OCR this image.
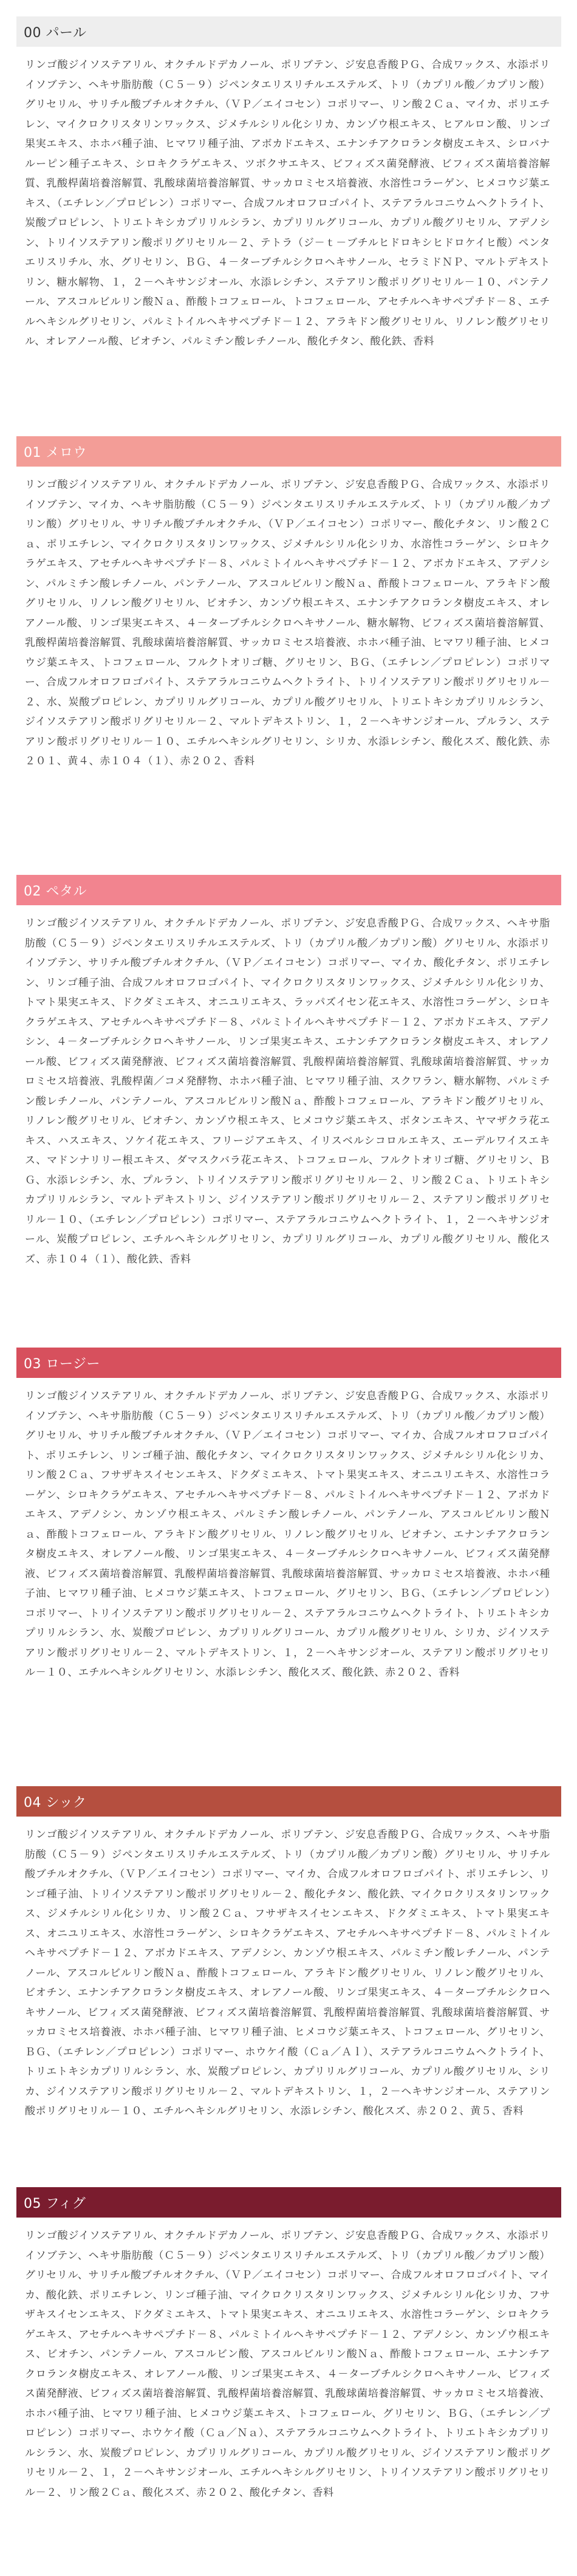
00 パール
リンゴ酸ジイソステアリル、オクチルドデカノール、ポリブテン、ジ安息香酸ＰＧ、合成ワックス、水添ポリイソブテン、ヘキサ脂肪酸（Ｃ５－９）ジペンタエリスリチルエステルズ、トリ（カプリル酸／カプリン酸）グリセリル、サリチル酸ブチルオクチル、（ＶＰ／エイコセン）コポリマー、リン酸２Ｃａ、マイカ、ポリエチレン、マイクロクリスタリンワックス、ジメチルシリル化シリカ、カンゾウ根エキス、ヒアルロン酸、リンゴ果実エキス、ホホバ種子油、ヒマワリ種子油、アボカドエキス、エナンチアクロランタ樹皮エキス、シロバナルーピン種子エキス、シロキクラゲエキス、ツボクサエキス、ビフィズス菌発酵液、ビフィズス菌培養溶解質、乳酸桿菌培養溶解質、乳酸球菌培養溶解質、サッカロミセス培養液、水溶性コラーゲン、ヒメコウジ葉エキス、（エチレン／プロピレン）コポリマー、合成フルオロフロゴパイト、ステアラルコニウムヘクトライト、炭酸プロピレン、トリエトキシカプリリルシラン、カプリリルグリコール、カプリル酸グリセリル、アデノシン、トリイソステアリン酸ポリグリセリル－２、テトラ（ジ－ｔ－ブチルヒドロキシヒドロケイヒ酸）ペンタエリスリチル、水、グリセリン、ＢＧ、４－ターブチルシクロヘキサノール、セラミドＮＰ、マルトデキストリン、糖水解物、１，２－ヘキサンジオール、水添レシチン、ステアリン酸ポリグリセリル－１０、パンテノール、アスコルビルリン酸Ｎａ、酢酸トコフェロール、トコフェロール、アセチルヘキサペプチド－８、エチルヘキシルグリセリン、パルミトイルヘキサペプチド－１２、アラキドン酸グリセリル、リノレン酸グリセリル、オレアノール酸、ビオチン、パルミチン酸レチノール、酸化チタン、酸化鉄、香料
01 メロウ
リンゴ酸ジイソステアリル、オクチルドデカノール、ポリブテン、ジ安息香酸ＰＧ、合成ワックス、水添ポリイソブテン、マイカ、ヘキサ脂肪酸（Ｃ５－９）ジペンタエリスリチルエステルズ、トリ（カプリル酸／カプリン酸）グリセリル、サリチル酸ブチルオクチル、（ＶＰ／エイコセン）コポリマー、酸化チタン、リン酸２Ｃａ、ポリエチレン、マイクロクリスタリンワックス、ジメチルシリル化シリカ、水溶性コラーゲン、シロキクラゲエキス、アセチルヘキサペプチド－８、パルミトイルヘキサペプチド－１２、アボカドエキス、アデノシン、パルミチン酸レチノール、パンテノール、アスコルビルリン酸Ｎａ、酢酸トコフェロール、アラキドン酸グリセリル、リノレン酸グリセリル、ビオチン、カンゾウ根エキス、エナンチアクロランタ樹皮エキス、オレアノール酸、リンゴ果実エキス、４－ターブチルシクロヘキサノール、糖水解物、ビフィズス菌培養溶解質、乳酸桿菌培養溶解質、乳酸球菌培養溶解質、サッカロミセス培養液、ホホバ種子油、ヒマワリ種子油、ヒメコウジ葉エキス、トコフェロール、フルクトオリゴ糖、グリセリン、ＢＧ、（エチレン／プロピレン）コポリマー、合成フルオロフロゴパイト、ステアラルコニウムヘクトライト、トリイソステアリン酸ポリグリセリル－２、水、炭酸プロピレン、カプリリルグリコール、カプリル酸グリセリル、トリエトキシカプリリルシラン、ジイソステアリン酸ポリグリセリル－２、マルトデキストリン、１，２－ヘキサンジオール、プルラン、ステアリン酸ポリグリセリル－１０、エチルヘキシルグリセリン、シリカ、水添レシチン、酸化スズ、酸化鉄、赤２０１、黄４、赤１０４（１）、赤２０２、香料
02 ペタル
リンゴ酸ジイソステアリル、オクチルドデカノール、ポリブテン、ジ安息香酸ＰＧ、合成ワックス、ヘキサ脂肪酸（Ｃ５－９）ジペンタエリスリチルエステルズ、トリ（カプリル酸／カプリン酸）グリセリル、水添ポリイソブテン、サリチル酸ブチルオクチル、（ＶＰ／エイコセン）コポリマー、マイカ、酸化チタン、ポリエチレン、リンゴ種子油、合成フルオロフロゴパイト、マイクロクリスタリンワックス、ジメチルシリル化シリカ、トマト果実エキス、ドクダミエキス、オニユリエキス、ラッパズイセン花エキス、水溶性コラーゲン、シロキクラゲエキス、アセチルヘキサペプチド－８、パルミトイルヘキサペプチド－１２、アボカドエキス、アデノシン、４－ターブチルシクロヘキサノール、リンゴ果実エキス、エナンチアクロランタ樹皮エキス、オレアノール酸、ビフィズス菌発酵液、ビフィズス菌培養溶解質、乳酸桿菌培養溶解質、乳酸球菌培養溶解質、サッカロミセス培養液、乳酸桿菌／コメ発酵物、ホホバ種子油、ヒマワリ種子油、スクワラン、糖水解物、パルミチン酸レチノール、パンテノール、アスコルビルリン酸Ｎａ、酢酸トコフェロール、アラキドン酸グリセリル、リノレン酸グリセリル、ビオチン、カンゾウ根エキス、ヒメコウジ葉エキス、ボタンエキス、ヤマザクラ花エキス、ハスエキス、ソケイ花エキス、フリージアエキス、イリスベルシコロルエキス、エーデルワイスエキス、マドンナリリー根エキス、ダマスクバラ花エキス、トコフェロール、フルクトオリゴ糖、グリセリン、ＢＧ、水添レシチン、水、プルラン、トリイソステアリン酸ポリグリセリル－２、リン酸２Ｃａ、トリエトキシカプリリルシラン、マルトデキストリン、ジイソステアリン酸ポリグリセリル－２、ステアリン酸ポリグリセリル－１０、（エチレン／プロピレン）コポリマー、ステアラルコニウムヘクトライト、１，２－ヘキサンジオール、炭酸プロピレン、エチルヘキシルグリセリン、カプリリルグリコール、カプリル酸グリセリル、酸化スズ、赤１０４（１）、酸化鉄、香料
03 ロージー
リンゴ酸ジイソステアリル、オクチルドデカノール、ポリブテン、ジ安息香酸ＰＧ、合成ワックス、水添ポリイソブテン、ヘキサ脂肪酸（Ｃ５－９）ジペンタエリスリチルエステルズ、トリ（カプリル酸／カプリン酸）グリセリル、サリチル酸ブチルオクチル、（ＶＰ／エイコセン）コポリマー、マイカ、合成フルオロフロゴパイト、ポリエチレン、リンゴ種子油、酸化チタン、マイクロクリスタリンワックス、ジメチルシリル化シリカ、リン酸２Ｃａ、フサザキスイセンエキス、ドクダミエキス、トマト果実エキス、オニユリエキス、水溶性コラーゲン、シロキクラゲエキス、アセチルヘキサペプチド－８、パルミトイルヘキサペプチド－１２、アボカドエキス、アデノシン、カンゾウ根エキス、パルミチン酸レチノール、パンテノール、アスコルビルリン酸Ｎａ、酢酸トコフェロール、アラキドン酸グリセリル、リノレン酸グリセリル、ビオチン、エナンチアクロランタ樹皮エキス、オレアノール酸、リンゴ果実エキス、４－ターブチルシクロヘキサノール、ビフィズス菌発酵液、ビフィズス菌培養溶解質、乳酸桿菌培養溶解質、乳酸球菌培養溶解質、サッカロミセス培養液、ホホバ種子油、ヒマワリ種子油、ヒメコウジ葉エキス、トコフェロール、グリセリン、ＢＧ、（エチレン／プロピレン）コポリマー、トリイソステアリン酸ポリグリセリル－２、ステアラルコニウムヘクトライト、トリエトキシカプリリルシラン、水、炭酸プロピレン、カプリリルグリコール、カプリル酸グリセリル、シリカ、ジイソステアリン酸ポリグリセリル－２、マルトデキストリン、１，２－ヘキサンジオール、ステアリン酸ポリグリセリル－１０、エチルヘキシルグリセリン、水添レシチン、酸化スズ、酸化鉄、赤２０２、香料
04 シック
リンゴ酸ジイソステアリル、オクチルドデカノール、ポリブテン、ジ安息香酸ＰＧ、合成ワックス、ヘキサ脂肪酸（Ｃ５－９）ジペンタエリスリチルエステルズ、トリ（カプリル酸／カプリン酸）グリセリル、サリチル酸ブチルオクチル、（ＶＰ／エイコセン）コポリマー、マイカ、合成フルオロフロゴパイト、ポリエチレン、リンゴ種子油、トリイソステアリン酸ポリグリセリル－２、酸化チタン、酸化鉄、マイクロクリスタリンワックス、ジメチルシリル化シリカ、リン酸２Ｃａ、フサザキスイセンエキス、ドクダミエキス、トマト果実エキス、オニユリエキス、水溶性コラーゲン、シロキクラゲエキス、アセチルヘキサペプチド－８、パルミトイルヘキサペプチド－１２、アボカドエキス、アデノシン、カンゾウ根エキス、パルミチン酸レチノール、パンテノール、アスコルビルリン酸Ｎａ、酢酸トコフェロール、アラキドン酸グリセリル、リノレン酸グリセリル、ビオチン、エナンチアクロランタ樹皮エキス、オレアノール酸、リンゴ果実エキス、４－ターブチルシクロヘキサノール、ビフィズス菌発酵液、ビフィズス菌培養溶解質、乳酸桿菌培養溶解質、乳酸球菌培養溶解質、サッカロミセス培養液、ホホバ種子油、ヒマワリ種子油、ヒメコウジ葉エキス、トコフェロール、グリセリン、ＢＧ、（エチレン／プロピレン）コポリマー、ホウケイ酸（Ｃａ／Ａｌ）、ステアラルコニウムヘクトライト、トリエトキシカプリリルシラン、水、炭酸プロピレン、カプリリルグリコール、カプリル酸グリセリル、シリカ、ジイソステアリン酸ポリグリセリル－２、マルトデキストリン、１，２－ヘキサンジオール、ステアリン酸ポリグリセリル－１０、エチルヘキシルグリセリン、水添レシチン、酸化スズ、赤２０２、黄５、香料
05 フィグ
リンゴ酸ジイソステアリル、オクチルドデカノール、ポリブテン、ジ安息香酸ＰＧ、合成ワックス、水添ポリイソブテン、ヘキサ脂肪酸（Ｃ５－９）ジペンタエリスリチルエステルズ、トリ（カプリル酸／カプリン酸）グリセリル、サリチル酸ブチルオクチル、（ＶＰ／エイコセン）コポリマー、合成フルオロフロゴパイト、マイカ、酸化鉄、ポリエチレン、リンゴ種子油、マイクロクリスタリンワックス、ジメチルシリル化シリカ、フサザキスイセンエキス、ドクダミエキス、トマト果実エキス、オニユリエキス、水溶性コラーゲン、シロキクラゲエキス、アセチルヘキサペプチド－８、パルミトイルヘキサペプチド－１２、アデノシン、カンゾウ根エキス、ビオチン、パンテノール、アスコルビン酸、アスコルビルリン酸Ｎａ、酢酸トコフェロール、エナンチアクロランタ樹皮エキス、オレアノール酸、リンゴ果実エキス、４－ターブチルシクロヘキサノール、ビフィズス菌発酵液、ビフィズス菌培養溶解質、乳酸桿菌培養溶解質、乳酸球菌培養溶解質、サッカロミセス培養液、ホホバ種子油、ヒマワリ種子油、ヒメコウジ葉エキス、トコフェロール、グリセリン、ＢＧ、（エチレン／プロピレン）コポリマー、ホウケイ酸（Ｃａ／Ｎａ）、ステアラルコニウムヘクトライト、トリエトキシカプリリルシラン、水、炭酸プロピレン、カプリリルグリコール、カプリル酸グリセリル、ジイソステアリン酸ポリグリセリル－２、１，２－ヘキサンジオール、エチルヘキシルグリセリン、トリイソステアリン酸ポリグリセリル－２、リン酸２Ｃａ、酸化スズ、赤２０２、酸化チタン、香料
